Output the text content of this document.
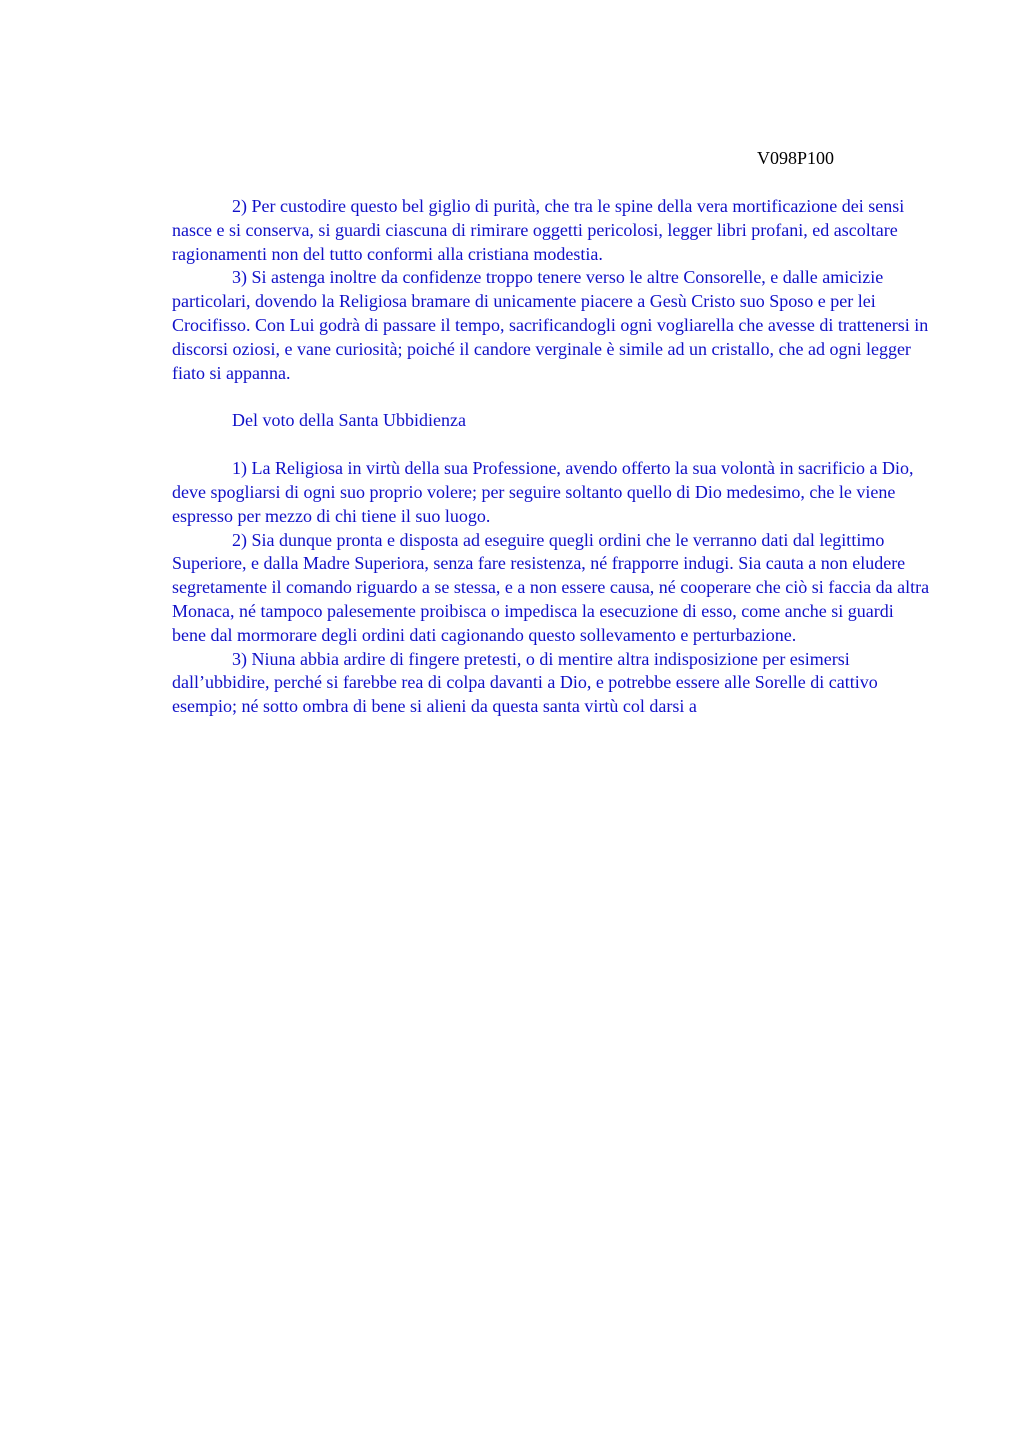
V098P100

2) Per custodire questo bel giglio di purità, che tra le spine della vera mortificazione dei sensi nasce e si conserva, si guardi ciascuna di rimirare oggetti pericolosi, legger libri profani, ed ascoltare ragionamenti non del tutto conformi alla cristiana modestia.

3) Si astenga inoltre da confidenze troppo tenere verso le altre Consorelle, e dalle amicizie particolari, dovendo la Religiosa bramare di unicamente piacere a Gesù Cristo suo Sposo e per lei Crocifisso. Con Lui godrà di passare il tempo, sacrificandogli ogni vogliarella che avesse di trattenersi in discorsi oziosi, e vane curiosità; poiché il candore verginale è simile ad un cristallo, che ad ogni legger fiato si appanna.

Del voto della Santa Ubbidienza

1) La Religiosa in virtù della sua Professione, avendo offerto la sua volontà in sacrificio a Dio, deve spogliarsi di ogni suo proprio volere; per seguire soltanto quello di Dio medesimo, che le viene espresso per mezzo di chi tiene il suo luogo.

2) Sia dunque pronta e disposta ad eseguire quegli ordini che le verranno dati dal legittimo Superiore, e dalla Madre Superiora, senza fare resistenza, né frapporre indugi. Sia cauta a non eludere segretamente il comando riguardo a se stessa, e a non essere causa, né cooperare che ciò si faccia da altra Monaca, né tampoco palesemente proibisca o impedisca la esecuzione di esso, come anche si guardi bene dal mormorare degli ordini dati cagionando questo sollevamento e perturbazione.

3) Niuna abbia ardire di fingere pretesti, o di mentire altra indisposizione per esimersi dall’ubbidire, perché si farebbe rea di colpa davanti a Dio, e potrebbe essere alle Sorelle di cattivo esempio; né sotto ombra di bene si alieni da questa santa virtù col darsi a
